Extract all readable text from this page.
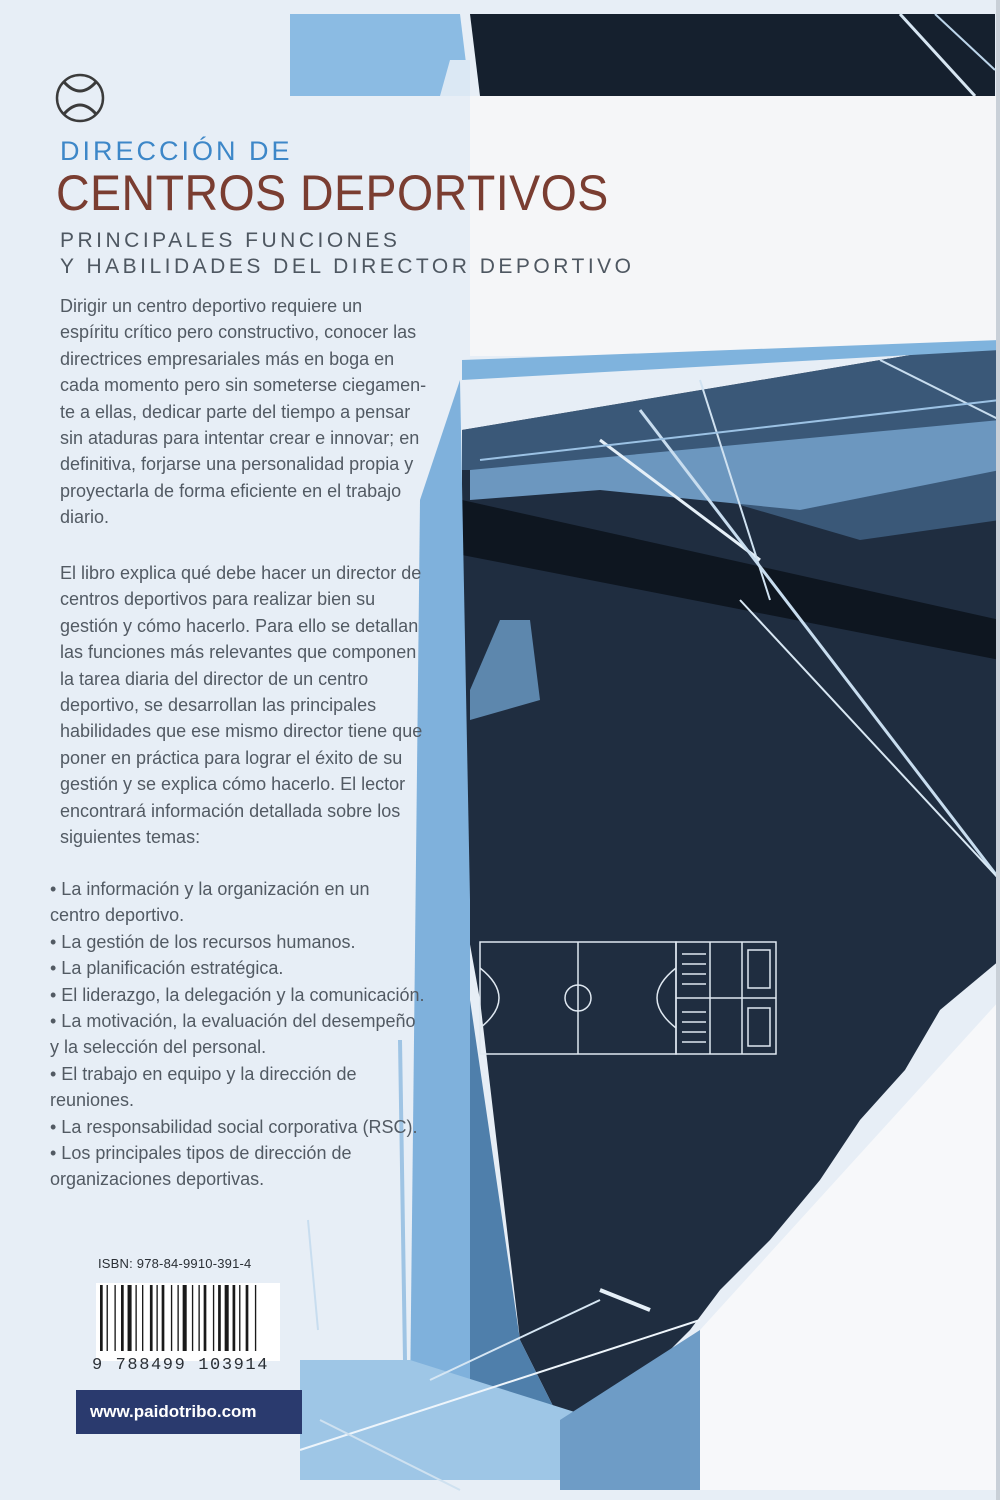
DIRECCIÓN DE
CENTROS DEPORTIVOS
PRINCIPALES FUNCIONES
Y HABILIDADES DEL DIRECTOR DEPORTIVO
Dirigir un centro deportivo requiere un
espíritu crítico pero constructivo, conocer las
directrices empresariales más en boga en
cada momento pero sin someterse ciegamen-
te a ellas, dedicar parte del tiempo a pensar
sin ataduras para intentar crear e innovar; en
definitiva, forjarse una personalidad propia y
proyectarla de forma eficiente en el trabajo
diario.
El libro explica qué debe hacer un director de
centros deportivos para realizar bien su
gestión y cómo hacerlo. Para ello se detallan
las funciones más relevantes que componen
la tarea diaria del director de un centro
deportivo, se desarrollan las principales
habilidades que ese mismo director tiene que
poner en práctica para lograr el éxito de su
gestión y se explica cómo hacerlo. El lector
encontrará información detallada sobre los
siguientes temas:
• La información y la organización en un
centro deportivo.
• La gestión de los recursos humanos.
• La planificación estratégica.
• El liderazgo, la delegación y la comunicación.
• La motivación, la evaluación del desempeño
y la selección del personal.
• El trabajo en equipo y la dirección de
reuniones.
• La responsabilidad social corporativa (RSC).
• Los principales tipos de dirección de
organizaciones deportivas.
ISBN: 978-84-9910-391-4
9 788499 103914
www.paidotribo.com
